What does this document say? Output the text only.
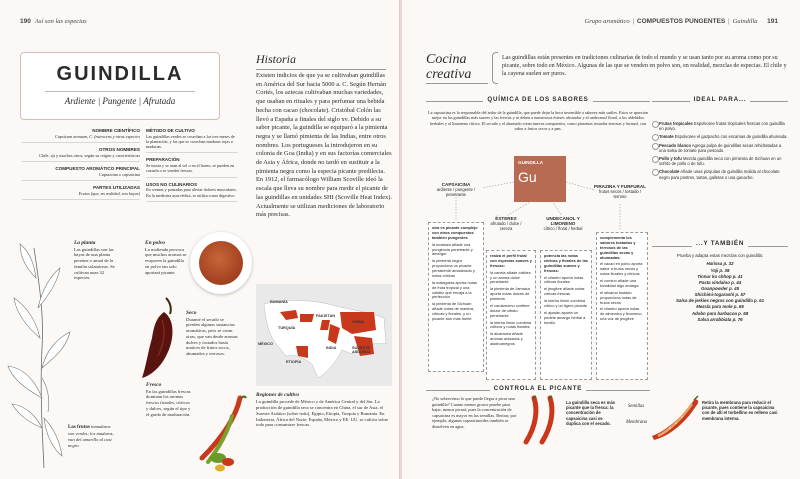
190 Así son las especias
GUINDILLA
Ardiente | Pungente | Afrutada
NOMBRE CIENTÍFICO
Capsicum annuum, C. frutescens y otras especies
OTROS NOMBRES
Chile, ají y muchos otros, según su origen y características
COMPUESTO AROMÁTICO PRINCIPAL
Capsaicina o capsaícina
PARTES UTILIZADAS
Frutos (que, en realidad, son bayas)
MÉTODO DE CULTIVO
Las guindillas verdes se cosechan a los tres meses de la plantación, y las que se cosechan maduras rojas o maduran.
PREPARACIÓN
Se tuesta y se usan al sol o en el horno, se pueden en cazuela o se venden frescas.
USOS NO CULINARIOS
En cremas y pomadas para aliviar dolores musculares. En la medicina ayurvédica, se utiliza como digestivo.
Historia
Existen indicios de que ya se cultivaban guindillas en América del Sur hacia 5000 a. C. Según Hernán Cortés, los aztecas cultivaban muchas variedades, que usaban en rituales y para perfumar una bebida hecha con cacao (chocolate). Cristóbal Colón las llevó a España a finales del siglo xv. Debido a su sabor picante, la guindilla se equiparó a la pimienta negra y se llamó pimienta de las Indias, entre otros nombres. Los portugueses la introdujeron en su colonia de Goa (India) y en sus factorías comerciales de Asia y África, donde no tardó en sustituir a la pimienta negra como la especia picante predilecta. En 1912, el farmacólogo William Scoville ideó la escala que lleva su nombre para medir el picante de las guindillas en unidades SHI (Scoville Heat Index). Actualmente se utilizan mediciones de laboratorio más precisas.
La planta
Las guindillas son las bayas de una planta perenne o anual de la familia solanáceas. Se cultivan unas 32 especies.
En polvo
La molienda provoca que muchos aromas se evaporen la guindilla en polvo tan solo aportará picante.
Seco
Durante el secado se pierden algunas sustancias aromáticas, pero se crean otras, que van desde aromas dulces y tostados hasta matices de frutos secos, ahumados y terrosos.
Fresco
En las guindillas frescas dominan los aromas frescos frutales, cítricos y dulces, según el tipo y el grado de maduración.
Los frutos inmaduros son verdes; los maduros, van del amarillo al casi negro.
RUMANÍA
TURQUÍA
PAKISTÁN
CHINA
MÉXICO
INDIA	SUDESTE ASIÁTICO
ETIOPÍA
Regiones de cultivo
La guindilla procede de México y de América Central y del Sur. La producción de guindilla seca se concentra en China, el sur de Asia, el Sureste Asiático (sobre todo), Egipto, Etiopía, Turquía y Rumanía. En Indonesia, África del Norte, España, México y EE. UU. se cultiva sobre todo para consumirse frescas.
Grupo aromático | COMPUESTOS PUNGENTES | Guindilla 191
Cocina
creativa
Las guindillas están presentes en tradiciones culinarias de todo el mundo y se usan tanto por su aroma como por su picante, sobre todo en México. Algunas de las que se venden en polvo son, en realidad, mezclas de especias. El chile y la cayena suelen ser puros.
QUÍMICA DE LOS SABORES
La capsaicina es la responsable del ardor de la guindilla, que puede dejar la boca insensible a sabores más sutiles. Estos se aprecian mejor en las guindillas más suaves y las frescas y se deben a numerosos ésteres afrutados y al undecanol floral, a los aldehídos herbales y al limoneno cítrico. El secado y el ahumado crean nuevas compuestos, como pirazinas tostadas-terrosas y furanol, con sabor a frutos secos y a pan.
GUINDILLA
Gu
CAPSAICINA
ardiente / pungente / penetrante
PIRAZINA Y FURFURAL
frutos secos / tostado / terroso
ÉSTERES
afrutado / dulce / cereza
UNDECANOL Y LIMONENO
cítrico / floral / herbal

otra es picante complejo con otros compuestos también pungentes

la mostaza añade una pungencia penetrante y amargor

la pimienta negra proporciona un picante persistente amaderado y notas cítricas

la malagueta aporta notas de fruta tropical y una calidez que encaja a la perfección

la pimienta de Sichuan añade notas de madera, cítricas y florales, y un picante aún más fuerte

realza el perfil frutal con especias suaves y frescas:

la canela añade calidez y un aroma dulce penetrante

la pimienta de Jamaica aporta notas dulces de pimienta

el cardamomo confiere dulzor de citrato penetrante

la hierba limón combina cítricos y notas florales

la alcaravea añade aromas anisados y aladroanegros

potencia las notas cítricas y florales de las guindillas suaves y frescas:

el cilantro aporta notas cítricas florales

el jengibre añade notas cítricas frescas

la hierba limón combina cítrico y un ligero picante

el ajowán aporta un pedete amargo herbal a tomillo

complementa los sabores tostados y terrosos de las guindillas secas y ahumadas:

el cacao en polvo aporta sabor a frutos secos y notas florales y cítricas

el comino añade una tonalidad algo amarga

el sésamo tostado proporciona notas de frutos secos

el cilantro aporta notas de almendra y limoneno, una voz de jengibre

IDEAL PARA...
Frutas tropicales Espolvoree frutas tropicales frescas con guindilla en polvo.
Tomate Espolvoree el gazpacho con escamas de guindilla ahumada.
Pescado blanco Agrega pulpa de guindillas secas rehidratadas a una salsa de tomate para pescado.
Pollo y tofu Mezcla guindilla seca con pimienta de Sichuan en un sofrito de pollo o de tofu.
Chocolate Añade unas pizquitas de guindilla molida al chocolate negro para postres, tartas, galletas o una ganache.
...Y TAMBIÉN
Prueba y adapta estas mezclas con guindilla:
Harissa p. 32
Yaji p. 38
Tinnur ko chhop p. 41
Pasta vindaloo p. 44
Goanpowder p. 45
Shichimi-togarashi p. 57
Salsa de jerkies negras con guindilla p. 61
Mezcla para mole p. 65
Adobo para barbacoa p. 68
Salsa arrabbiata p. 76
CONTROLA EL PICANTE
¿No sobrecómo lo que puede llegar a picar una guindilla? Cuanto menos grosor pruebe para bajar, menos picará, pues la concentración de capsaicina es mayor en las semillas. Retirar, por ejemplo, algunas capsaicinoides también se disuelven en agua.
La guindilla seca es más picante que la fresca: la concentración de capsaicina casi se duplica con el secado.
Semillas
Membrana
Retira la membrana para reducir el picante, pues contiene la capsaicina con de allí el torbellino es relleno casi membrana interna.
